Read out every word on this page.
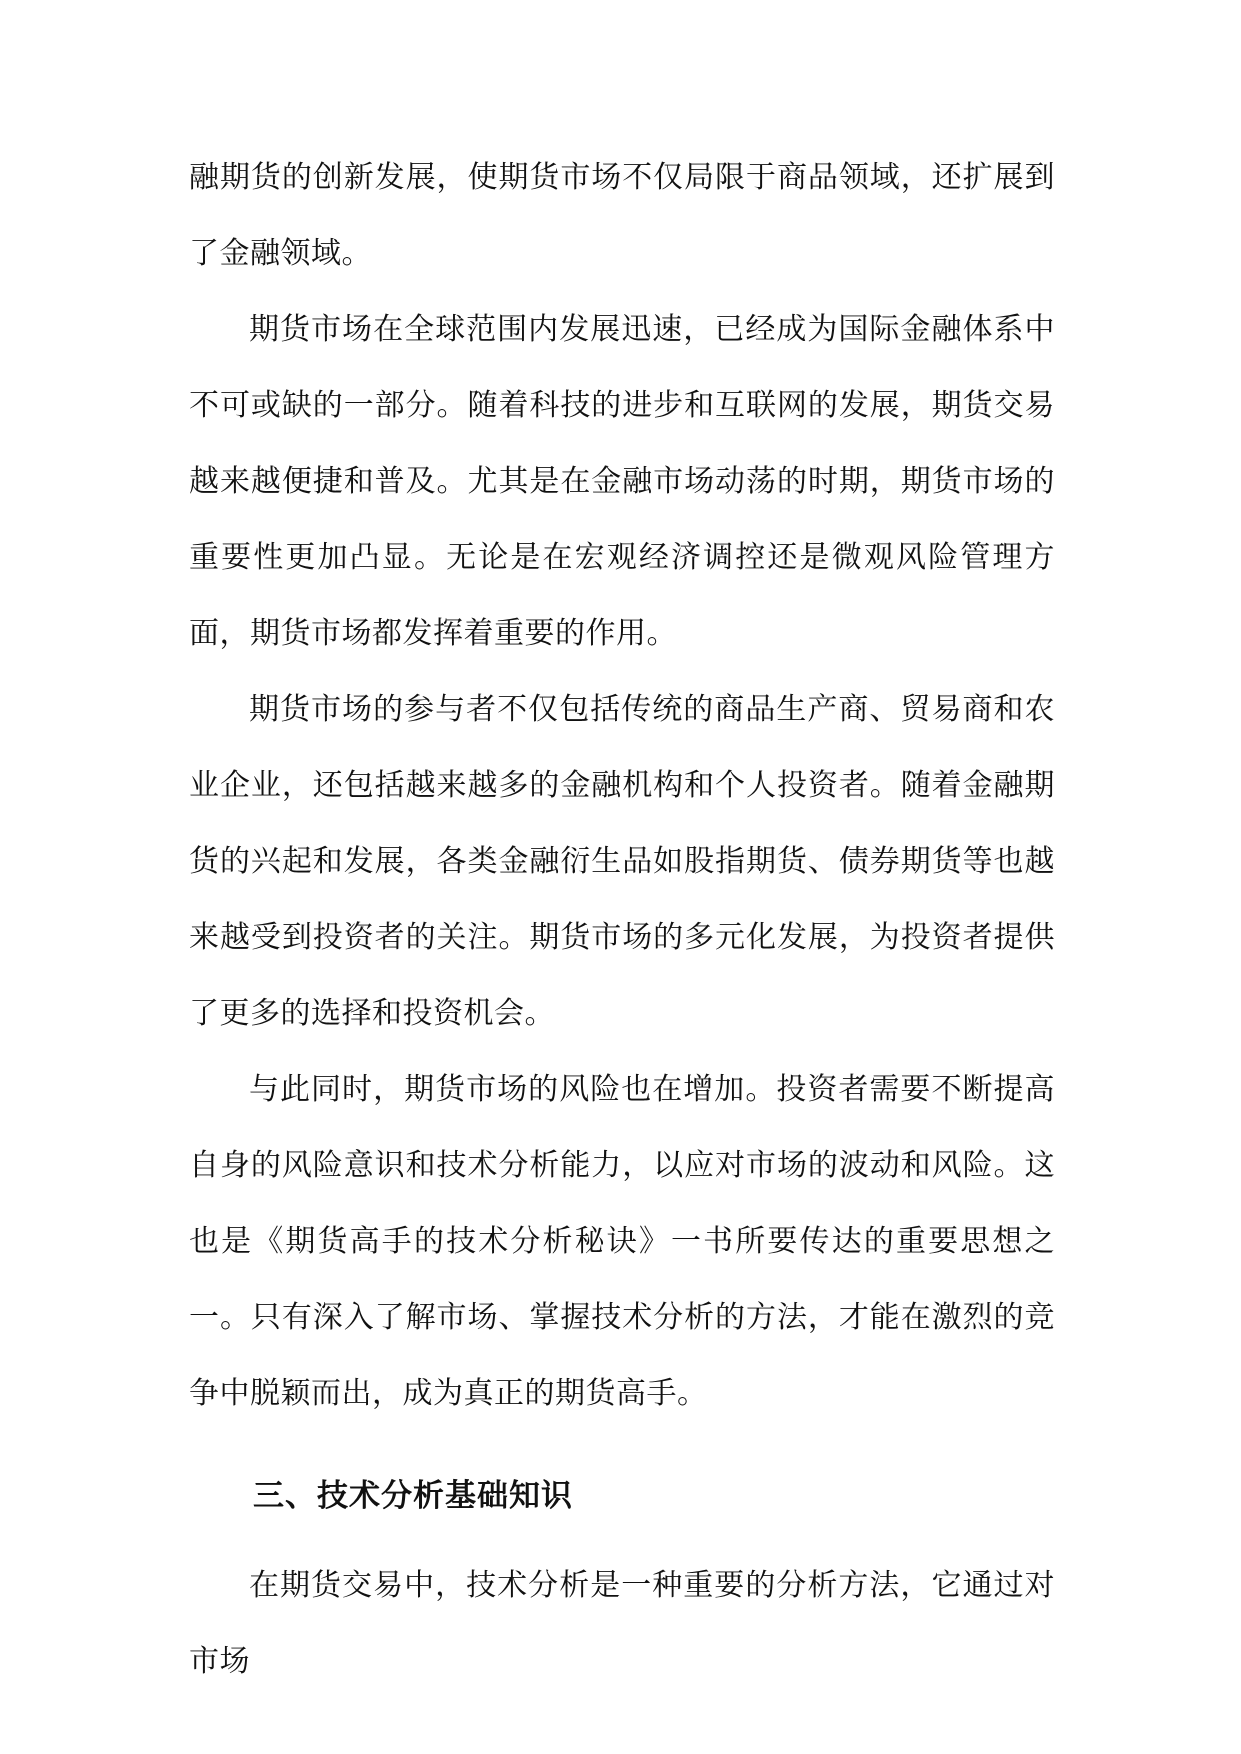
融期货的创新发展，使期货市场不仅局限于商品领域，还扩展到了金融领域。

期货市场在全球范围内发展迅速，已经成为国际金融体系中不可或缺的一部分。随着科技的进步和互联网的发展，期货交易越来越便捷和普及。尤其是在金融市场动荡的时期，期货市场的重要性更加凸显。无论是在宏观经济调控还是微观风险管理方面，期货市场都发挥着重要的作用。

期货市场的参与者不仅包括传统的商品生产商、贸易商和农业企业，还包括越来越多的金融机构和个人投资者。随着金融期货的兴起和发展，各类金融衍生品如股指期货、债券期货等也越来越受到投资者的关注。期货市场的多元化发展，为投资者提供了更多的选择和投资机会。

与此同时，期货市场的风险也在增加。投资者需要不断提高自身的风险意识和技术分析能力，以应对市场的波动和风险。这也是《期货高手的技术分析秘诀》一书所要传达的重要思想之一。只有深入了解市场、掌握技术分析的方法，才能在激烈的竞争中脱颖而出，成为真正的期货高手。

三、技术分析基础知识

在期货交易中，技术分析是一种重要的分析方法，它通过对市场
